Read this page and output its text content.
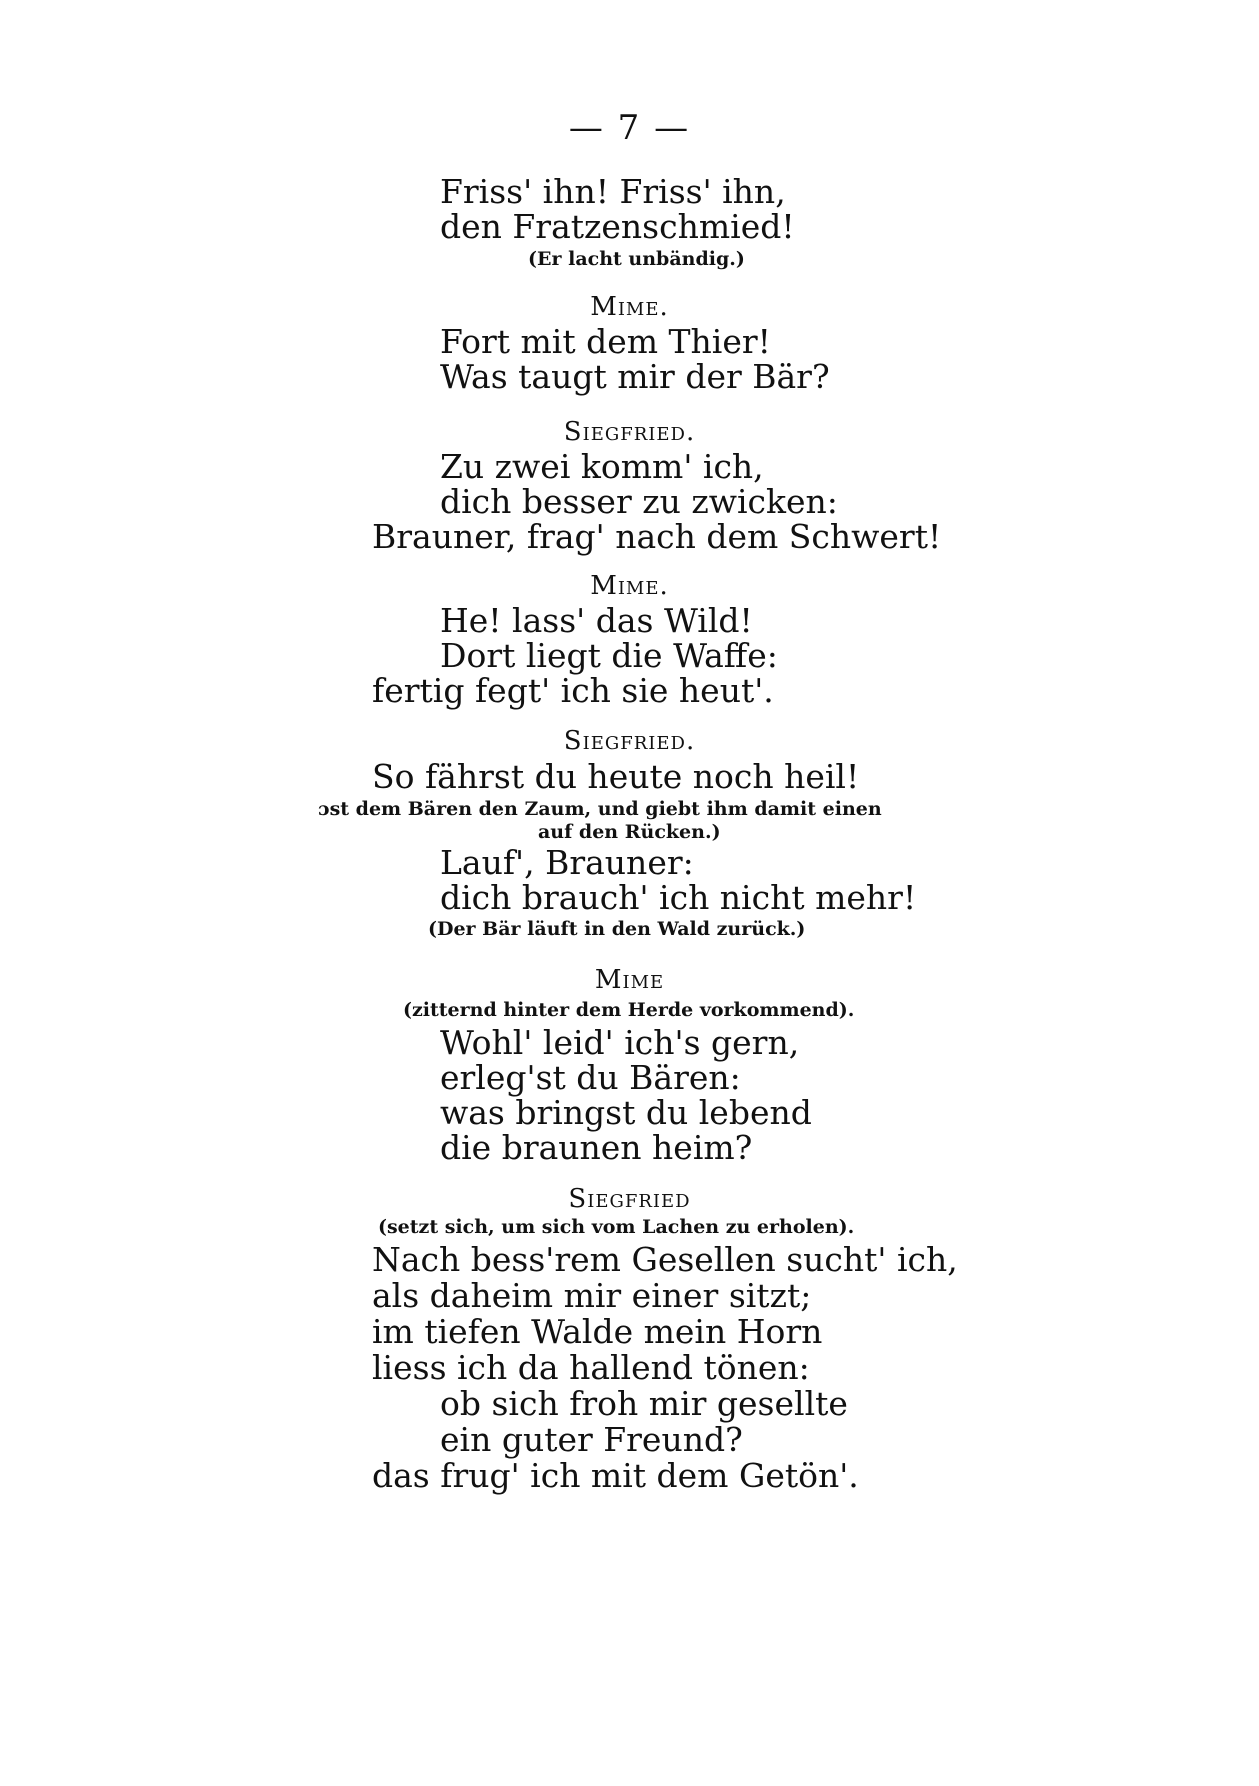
— 7 —
Friss' ihn! Friss' ihn,
den Fratzenschmied!
(Er lacht unbändig.)
Mime.
Fort mit dem Thier!
Was taugt mir der Bär?
Siegfried.
Zu zwei komm' ich,
dich besser zu zwicken:
Brauner, frag' nach dem Schwert!
Mime.
He! lass' das Wild!
Dort liegt die Waffe:
fertig fegt' ich sie heut'.
Siegfried.
So fährst du heute noch heil!
ɔst dem Bären den Zaum, und giebt ihm damit einen
auf den Rücken.)
Lauf', Brauner:
dich brauch' ich nicht mehr!
(Der Bär läuft in den Wald zurück.)
Mime
(zitternd hinter dem Herde vorkommend).
Wohl' leid' ich's gern,
erleg'st du Bären:
was bringst du lebend
die braunen heim?
Siegfried
(setzt sich, um sich vom Lachen zu erholen).
Nach bess'rem Gesellen sucht' ich,
als daheim mir einer sitzt;
im tiefen Walde mein Horn
liess ich da hallend tönen:
ob sich froh mir gesellte
ein guter Freund?
das frug' ich mit dem Getön'.
